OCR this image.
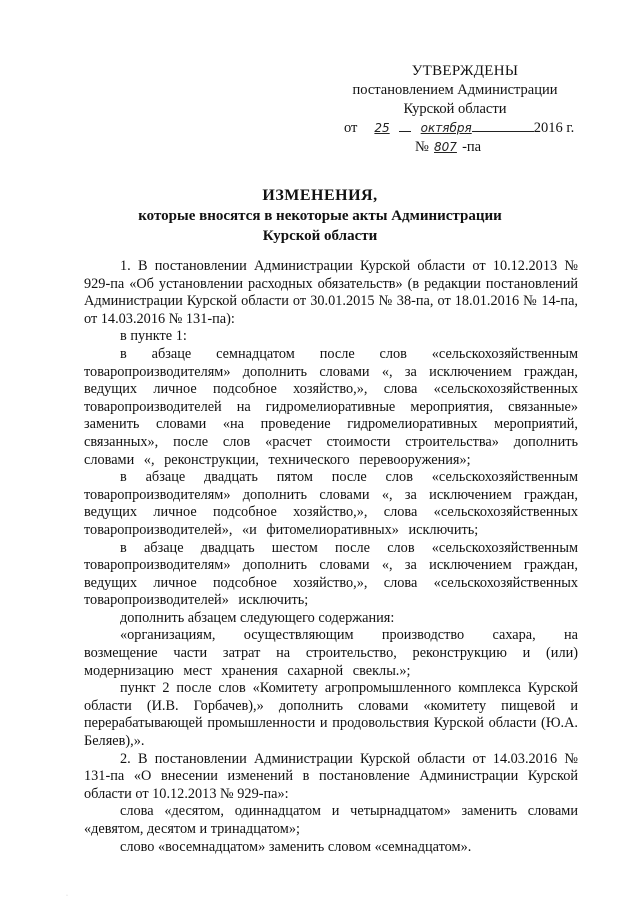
УТВЕРЖДЕНЫ
постановлением Администрации
Курской области
от 25	октября	2016 г.
№ 807 -па
ИЗМЕНЕНИЯ,
которые вносятся в некоторые акты Администрации
Курской области

1. В постановлении Администрации Курской области от 10.12.2013 № 929-па «Об установлении расходных обязательств» (в редакции постановлений Администрации Курской области от 30.01.2015 № 38-па, от 18.01.2016 № 14-па, от 14.03.2016 № 131-па):

в пункте 1:

в абзаце семнадцатом после слов «сельскохозяйственным товаропроизводителям» дополнить словами «, за исключением граждан, ведущих личное подсобное хозяйство,», слова «сельскохозяйственных товаропроизводителей на гидромелиоративные мероприятия, связанные» заменить словами «на проведение гидромелиоративных мероприятий, связанных», после слов «расчет стоимости строительства» дополнить словами «, реконструкции, технического перевооружения»;

в абзаце двадцать пятом после слов «сельскохозяйственным товаропроизводителям» дополнить словами «, за исключением граждан, ведущих личное подсобное хозяйство,», слова «сельскохозяйственных товаропроизводителей», «и фитомелиоративных» исключить;

в абзаце двадцать шестом после слов «сельскохозяйственным товаропроизводителям» дополнить словами «, за исключением граждан, ведущих личное подсобное хозяйство,», слова «сельскохозяйственных товаропроизводителей» исключить;

дополнить абзацем следующего содержания:

«организациям, осуществляющим производство сахара, на возмещение части затрат на строительство, реконструкцию и (или) модернизацию мест хранения сахарной свеклы.»;

пункт 2 после слов «Комитету агропромышленного комплекса Курской области (И.В. Горбачев),» дополнить словами «комитету пищевой и перерабатывающей промышленности и продовольствия Курской области (Ю.А. Беляев),».

2. В постановлении Администрации Курской области от 14.03.2016 № 131-па «О внесении изменений в постановление Администрации Курской области от 10.12.2013 № 929-па»:

слова «десятом, одиннадцатом и четырнадцатом» заменить словами «девятом, десятом и тринадцатом»;

слово «восемнадцатом» заменить словом «семнадцатом».

·
